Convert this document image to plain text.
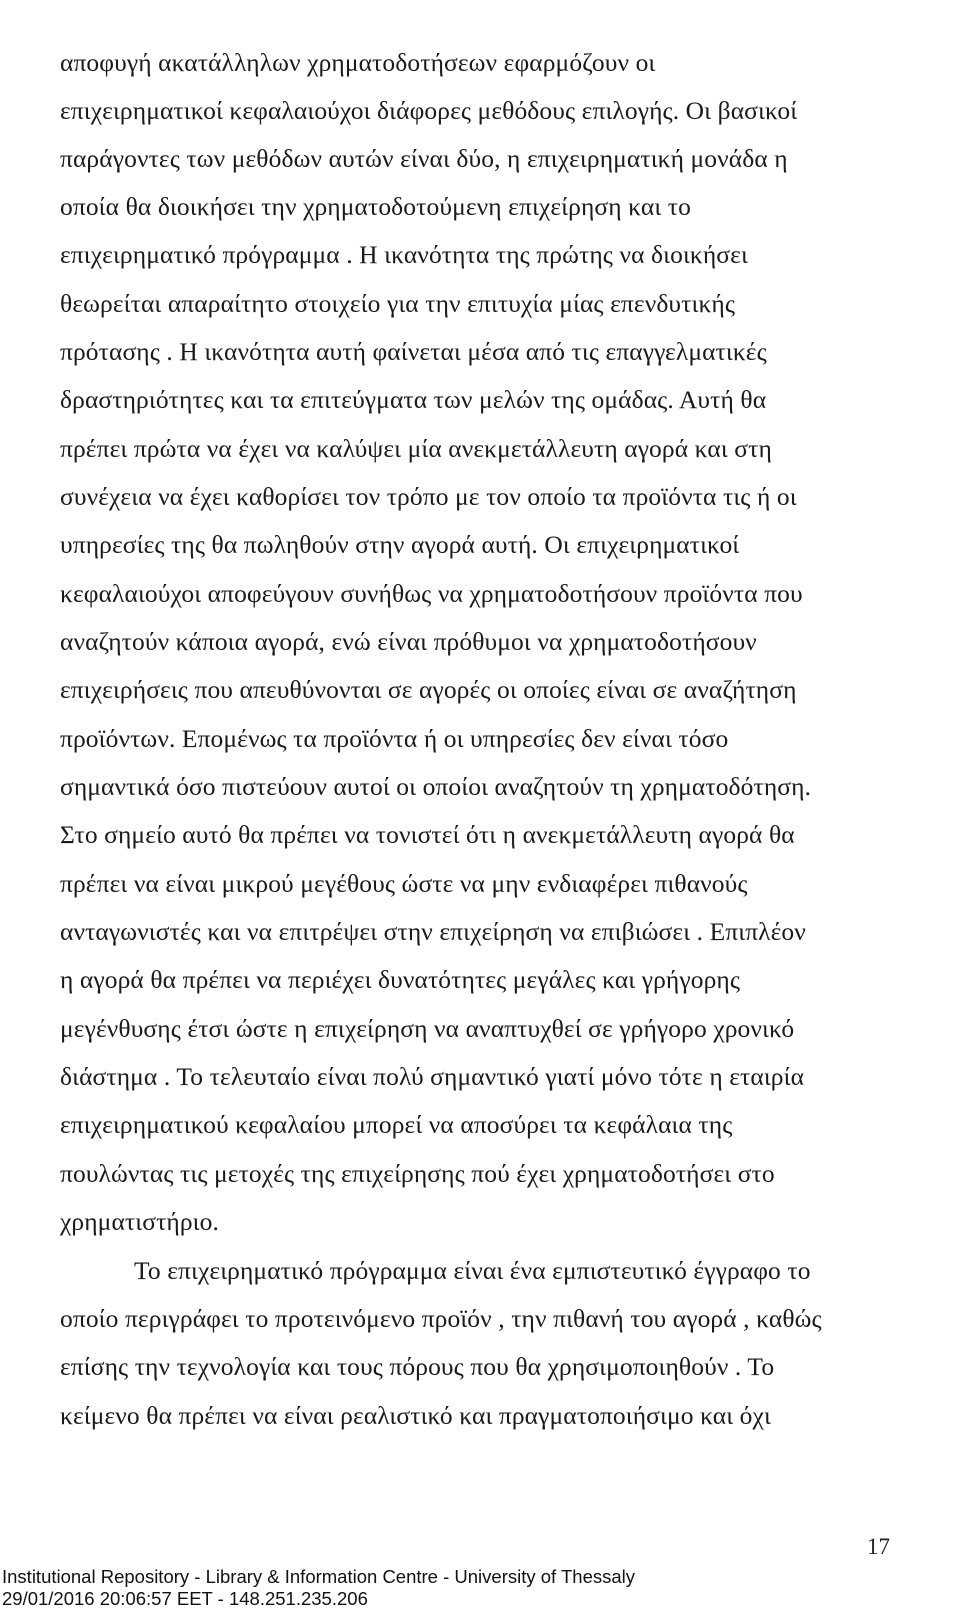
αποφυγή ακατάλληλων χρηματοδοτήσεων εφαρμόζουν οι
επιχειρηματικοί κεφαλαιούχοι διάφορες μεθόδους επιλογής. Οι βασικοί
παράγοντες των μεθόδων αυτών είναι δύο, η επιχειρηματική μονάδα η
οποία θα διοικήσει την χρηματοδοτούμενη επιχείρηση και το
επιχειρηματικό πρόγραμμα . Η ικανότητα της πρώτης να διοικήσει
θεωρείται απαραίτητο στοιχείο για την επιτυχία μίας επενδυτικής
πρότασης . Η ικανότητα αυτή φαίνεται μέσα από τις επαγγελματικές
δραστηριότητες και τα επιτεύγματα των μελών της ομάδας. Αυτή θα
πρέπει πρώτα να έχει να καλύψει μία ανεκμετάλλευτη αγορά και στη
συνέχεια να έχει καθορίσει τον τρόπο με τον οποίο τα προϊόντα τις ή οι
υπηρεσίες της θα πωληθούν στην αγορά αυτή. Οι επιχειρηματικοί
κεφαλαιούχοι αποφεύγουν συνήθως να χρηματοδοτήσουν προϊόντα που
αναζητούν κάποια αγορά, ενώ είναι πρόθυμοι να χρηματοδοτήσουν
επιχειρήσεις που απευθύνονται σε αγορές οι οποίες είναι σε αναζήτηση
προϊόντων. Επομένως τα προϊόντα ή οι υπηρεσίες δεν είναι τόσο
σημαντικά όσο πιστεύουν αυτοί οι οποίοι αναζητούν τη χρηματοδότηση.
Στο σημείο αυτό θα πρέπει να τονιστεί ότι η ανεκμετάλλευτη αγορά θα
πρέπει να είναι μικρού μεγέθους ώστε να μην ενδιαφέρει πιθανούς
ανταγωνιστές και να επιτρέψει στην επιχείρηση να επιβιώσει . Επιπλέον
η αγορά θα πρέπει να περιέχει δυνατότητες μεγάλες και γρήγορης
μεγένθυσης έτσι ώστε η επιχείρηση να αναπτυχθεί σε γρήγορο χρονικό
διάστημα . Το τελευταίο είναι πολύ σημαντικό γιατί μόνο τότε η εταιρία
επιχειρηματικού κεφαλαίου μπορεί να αποσύρει τα κεφάλαια της
πουλώντας τις μετοχές της επιχείρησης πού έχει χρηματοδοτήσει στο
χρηματιστήριο.
Το επιχειρηματικό πρόγραμμα είναι ένα εμπιστευτικό έγγραφο το
οποίο περιγράφει το προτεινόμενο προϊόν , την πιθανή του αγορά , καθώς
επίσης την τεχνολογία και τους πόρους που θα χρησιμοποιηθούν . Το
κείμενο θα πρέπει να είναι ρεαλιστικό και πραγματοποιήσιμο και όχι
17
Institutional Repository - Library & Information Centre - University of Thessaly
29/01/2016 20:06:57 EET - 148.251.235.206
